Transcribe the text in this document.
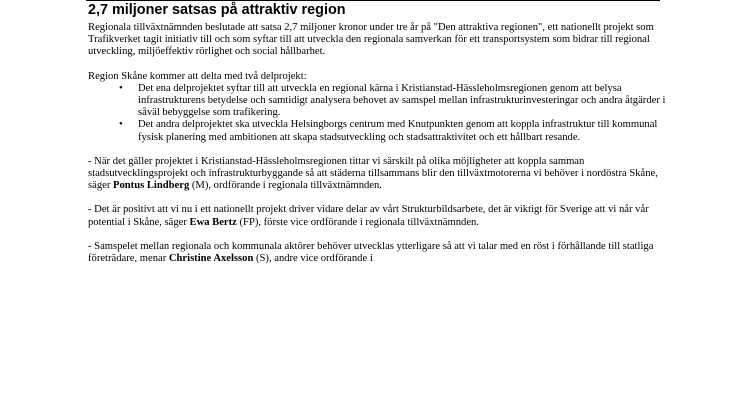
2,7 miljoner satsas på attraktiv region

Regionala tillväxtnämnden beslutade att satsa 2,7 miljoner kronor under tre år på "Den attraktiva regionen", ett nationellt projekt som Trafikverket tagit initiativ till och som syftar till att utveckla den regionala samverkan för ett transportsystem som bidrar till regional utveckling, miljöeffektiv rörlighet och social hållbarhet.

Region Skåne kommer att delta med två delprojekt:

• Det ena delprojektet syftar till att utveckla en regional kärna i Kristianstad-Hässleholmsregionen genom att belysa infrastrukturens betydelse och samtidigt analysera behovet av samspel mellan infrastrukturinvesteringar och andra åtgärder i såväl bebyggelse som trafikering.
• Det andra delprojektet ska utveckla Helsingborgs centrum med Knutpunkten genom att koppla infrastruktur till kommunal fysisk planering med ambitionen att skapa stadsutveckling och stadsattraktivitet och ett hållbart resande.

- När det gäller projektet i Kristianstad-Hässleholmsregionen tittar vi särskilt på olika möjligheter att koppla samman stadsutvecklingsprojekt och infrastrukturbyggande så att städerna tillsammans blir den tillväxtmotorerna vi behöver i nordöstra Skåne, säger Pontus Lindberg (M), ordförande i regionala tillväxtnämnden.

- Det är positivt att vi nu i ett nationellt projekt driver vidare delar av vårt Strukturbildsarbete, det är viktigt för Sverige att vi når vår potential i Skåne, säger Ewa Bertz (FP), förste vice ordförande i regionala tillväxtnämnden.

- Samspelet mellan regionala och kommunala aktörer behöver utvecklas ytterligare så att vi talar med en röst i förhållande till statliga företrädare, menar Christine Axelsson (S), andre vice ordförande i
